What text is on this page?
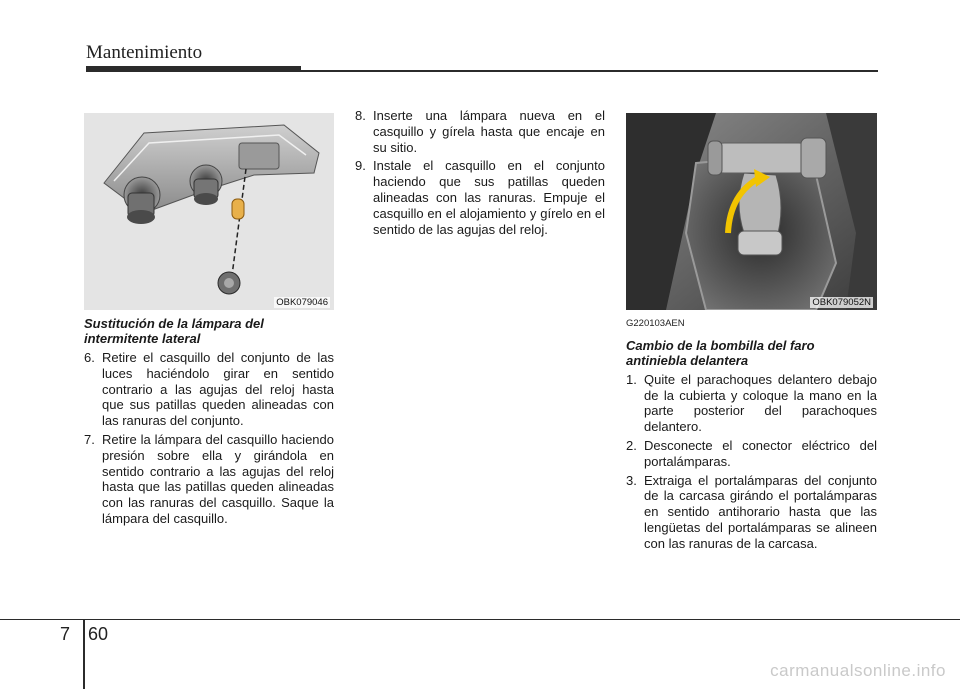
Mantenimiento
OBK079046	OBK079052N
Sustitución de la lámpara del intermitente lateral
6. Retire el casquillo del conjunto de las luces haciéndolo girar en sentido contrario a las agujas del reloj hasta que sus patillas queden alineadas con las ranuras del conjunto.
7. Retire la lámpara del casquillo haciendo presión sobre ella y girándola en sentido contrario a las agujas del reloj hasta que las patillas queden alineadas con las ranuras del casquillo. Saque la lámpara del casquillo.
8. Inserte una lámpara nueva en el casquillo y gírela hasta que encaje en su sitio.
9. Instale el casquillo en el conjunto haciendo que sus patillas queden alineadas con las ranuras. Empuje el casquillo en el alojamiento y gírelo en el sentido de las agujas del reloj.
G220103AEN
Cambio de la bombilla del faro antiniebla delantera
1. Quite el parachoques delantero debajo de la cubierta y coloque la mano en la parte posterior del parachoques delantero.
2. Desconecte el conector eléctrico del portalámparas.
3. Extraiga el portalámparas del conjunto de la carcasa girándo el portalámparas en sentido antihorario hasta que las lengüetas del portalámparas se alineen con las ranuras de la carcasa.
7 60
carmanualsonline.info
